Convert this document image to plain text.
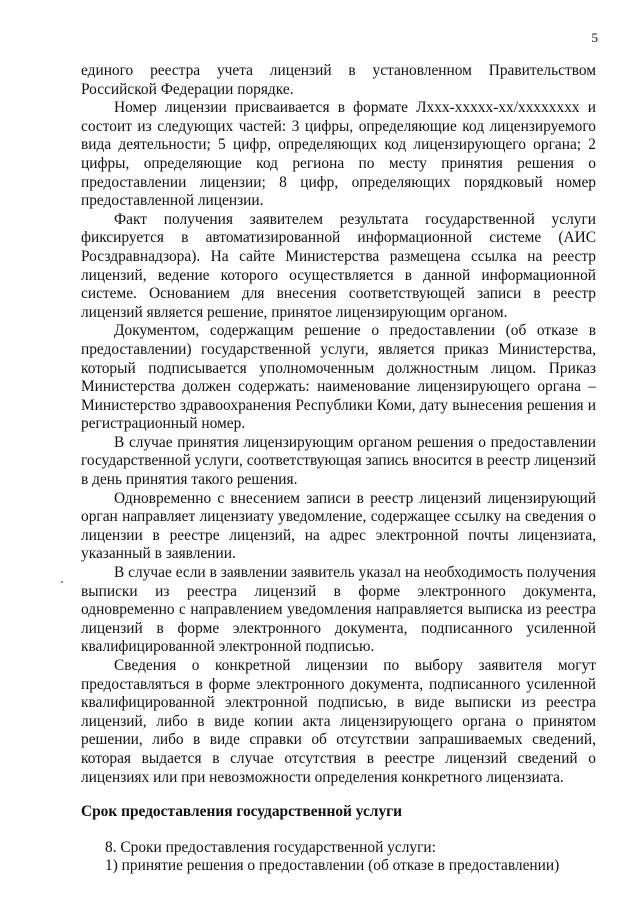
5

единого реестра учета лицензий в установленном Правительством Российской Федерации порядке.

Номер лицензии присваивается в формате Лxxx-xxxxx-xx/xxxxxxxx и состоит из следующих частей: 3 цифры, определяющие код лицензируемого вида деятельности; 5 цифр, определяющих код лицензирующего органа; 2 цифры, определяющие код региона по месту принятия решения о предоставлении лицензии; 8 цифр, определяющих порядковый номер предоставленной лицензии.

Факт получения заявителем результата государственной услуги фиксируется в автоматизированной информационной системе (АИС Росздравнадзора). На сайте Министерства размещена ссылка на реестр лицензий, ведение которого осуществляется в данной информационной системе. Основанием для внесения соответствующей записи в реестр лицензий является решение, принятое лицензирующим органом.

Документом, содержащим решение о предоставлении (об отказе в предоставлении) государственной услуги, является приказ Министерства, который подписывается уполномоченным должностным лицом. Приказ Министерства должен содержать: наименование лицензирующего органа – Министерство здравоохранения Республики Коми, дату вынесения решения и регистрационный номер.

В случае принятия лицензирующим органом решения о предоставлении государственной услуги, соответствующая запись вносится в реестр лицензий в день принятия такого решения.

Одновременно с внесением записи в реестр лицензий лицензирующий орган направляет лицензиату уведомление, содержащее ссылку на сведения о лицензии в реестре лицензий, на адрес электронной почты лицензиата, указанный в заявлении.

В случае если в заявлении заявитель указал на необходимость получения выписки из реестра лицензий в форме электронного документа, одновременно с направлением уведомления направляется выписка из реестра лицензий в форме электронного документа, подписанного усиленной квалифицированной электронной подписью.

Сведения о конкретной лицензии по выбору заявителя могут предоставляться в форме электронного документа, подписанного усиленной квалифицированной электронной подписью, в виде выписки из реестра лицензий, либо в виде копии акта лицензирующего органа о принятом решении, либо в виде справки об отсутствии запрашиваемых сведений, которая выдается в случае отсутствия в реестре лицензий сведений о лицензиях или при невозможности определения конкретного лицензиата.

Срок предоставления государственной услуги

8. Сроки предоставления государственной услуги:

1) принятие решения о предоставлении (об отказе в предоставлении)
